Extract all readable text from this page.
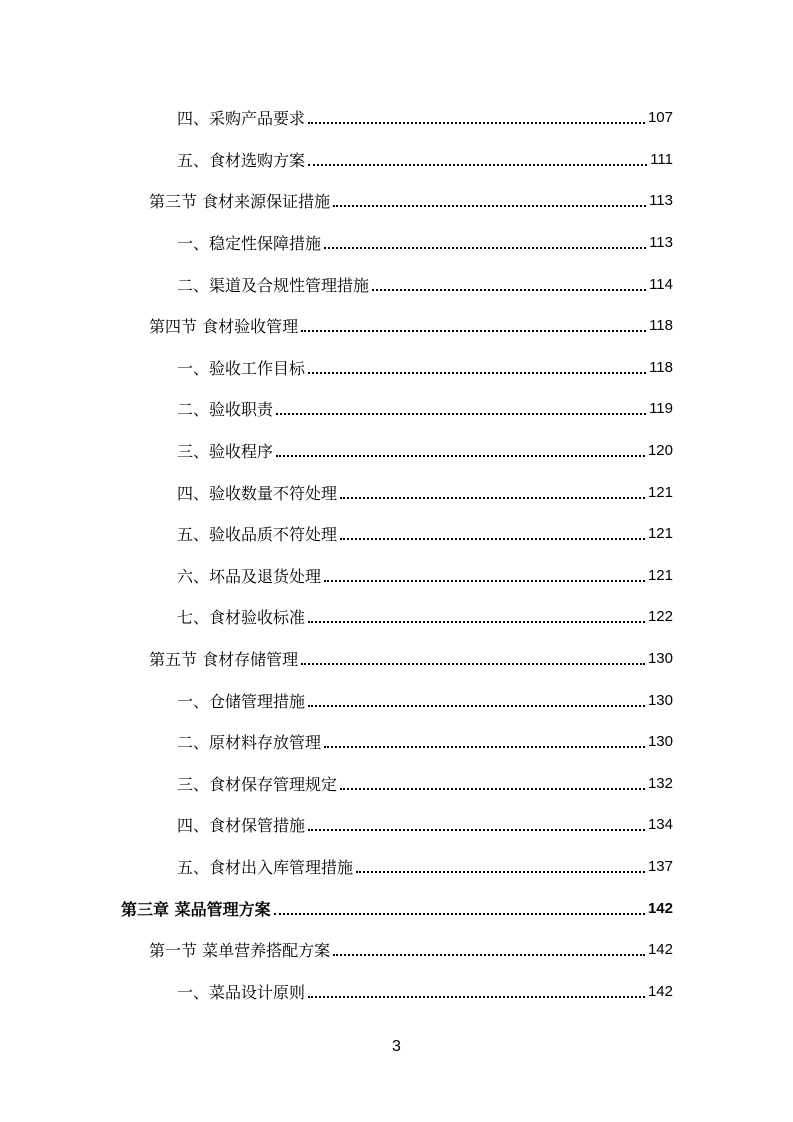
四、采购产品要求	107
五、食材选购方案	111
第三节 食材来源保证措施	113
一、稳定性保障措施	113
二、渠道及合规性管理措施	114
第四节 食材验收管理	118
一、验收工作目标	118
二、验收职责	119
三、验收程序	120
四、验收数量不符处理	121
五、验收品质不符处理	121
六、坏品及退货处理	121
七、食材验收标准	122
第五节 食材存储管理	130
一、仓储管理措施	130
二、原材料存放管理	130
三、食材保存管理规定	132
四、食材保管措施	134
五、食材出入库管理措施	137
第三章 菜品管理方案	142
第一节 菜单营养搭配方案	142
一、菜品设计原则	142
3
